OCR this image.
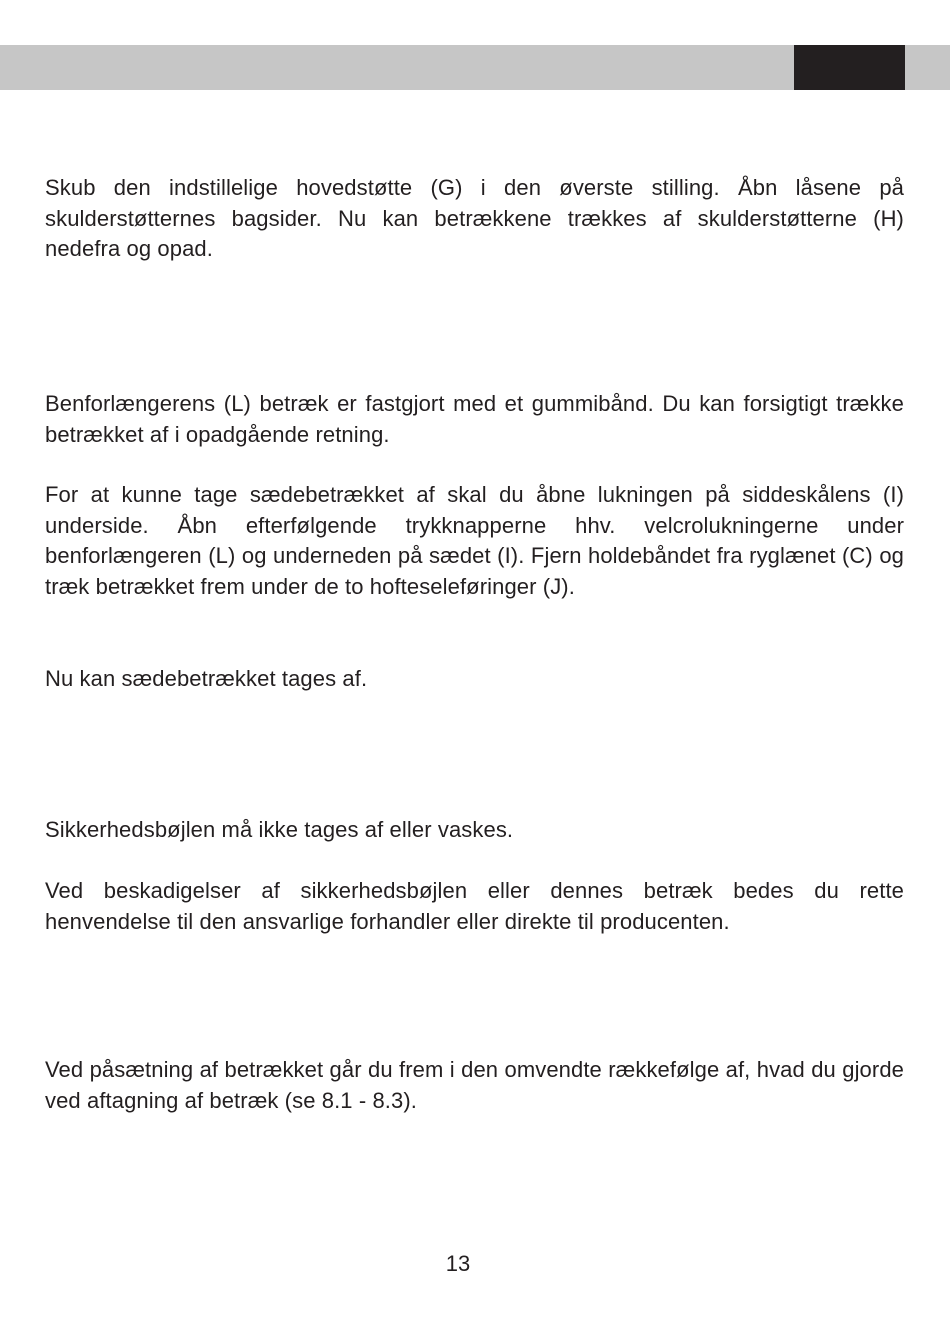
Skub den indstillelige hovedstøtte (G) i den øverste stilling. Åbn låsene på skulderstøtternes bagsider. Nu kan betrækkene trækkes af skulderstøtterne (H) nedefra og opad.

Benforlængerens (L) betræk er fastgjort med et gummibånd. Du kan forsigtigt trække betrækket af i opadgående retning.

For at kunne tage sædebetrækket af skal du åbne lukningen på siddeskålens (I) underside. Åbn efterfølgende trykknapperne hhv. velcrolukningerne under benforlængeren (L) og underneden på sædet (I). Fjern holdebåndet fra ryglænet (C) og træk betrækket frem under de to hofteseleføringer (J).

Nu kan sædebetrækket tages af.

Sikkerhedsbøjlen må ikke tages af eller vaskes.

Ved beskadigelser af sikkerhedsbøjlen eller dennes betræk bedes du rette henvendelse til den ansvarlige forhandler eller direkte til producenten.

Ved påsætning af betrækket går du frem i den omvendte rækkefølge af, hvad du gjorde ved aftagning af betræk (se 8.1 - 8.3).

13
